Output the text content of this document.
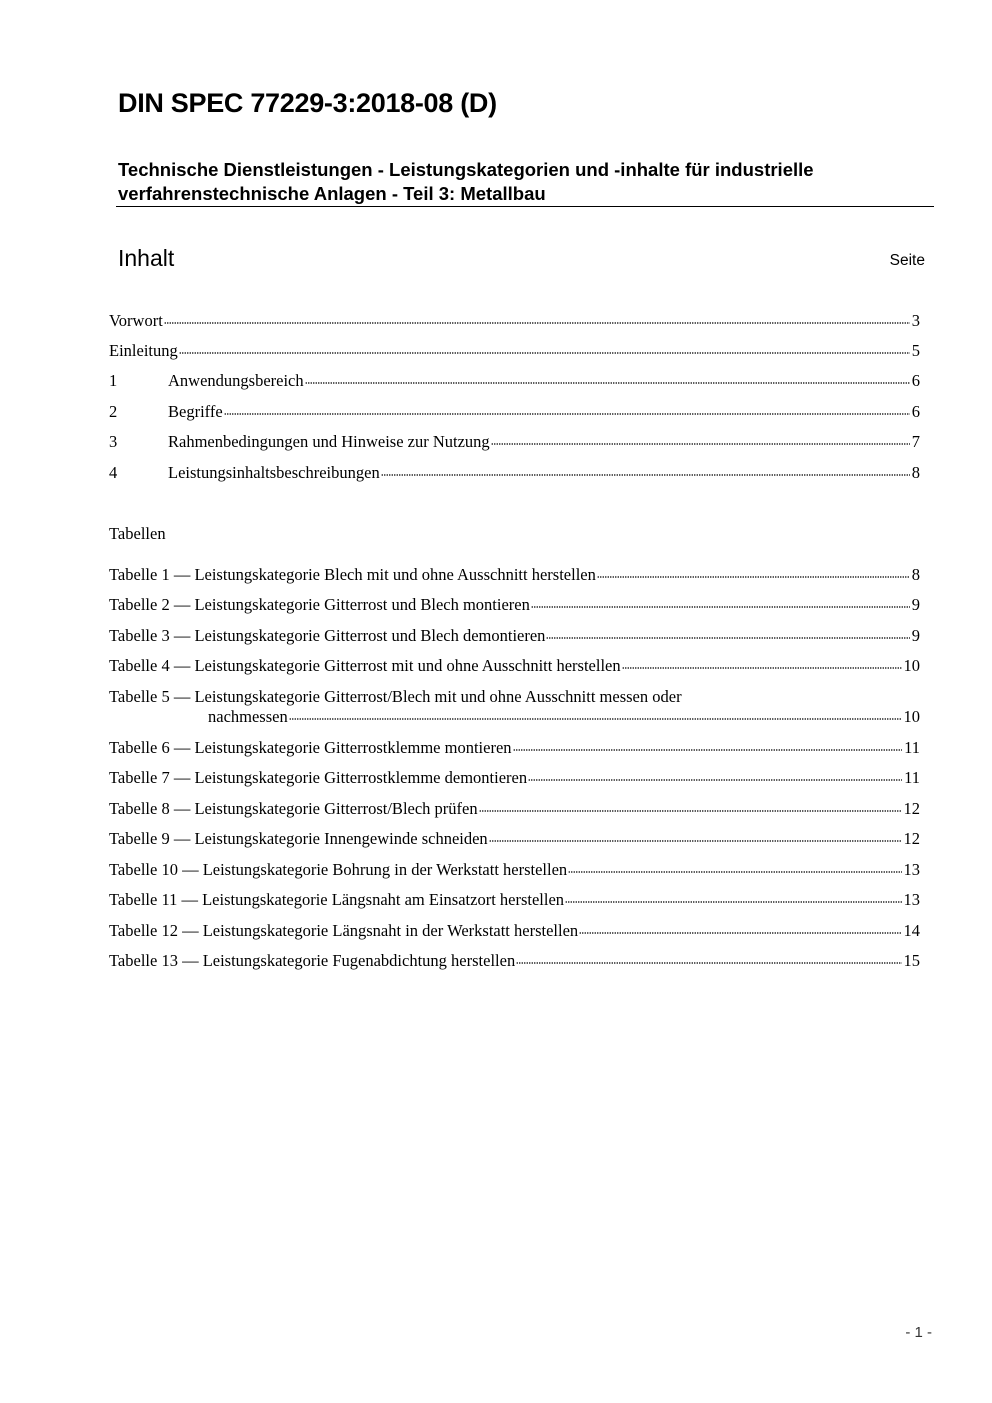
DIN SPEC 77229-3:2018-08 (D)
Technische Dienstleistungen - Leistungskategorien und -inhalte für industrielle
verfahrenstechnische Anlagen - Teil 3: Metallbau
Inhalt	Seite
Vorwort	3
Einleitung	5
1	Anwendungsbereich	6
2	Begriffe	6
3	Rahmenbedingungen und Hinweise zur Nutzung	7
4	Leistungsinhaltsbeschreibungen	8
Tabellen
Tabelle 1 — Leistungskategorie Blech mit und ohne Ausschnitt herstellen	8
Tabelle 2 — Leistungskategorie Gitterrost und Blech montieren	9
Tabelle 3 — Leistungskategorie Gitterrost und Blech demontieren	9
Tabelle 4 — Leistungskategorie Gitterrost mit und ohne Ausschnitt herstellen	10
Tabelle 5 — Leistungskategorie Gitterrost/Blech mit und ohne Ausschnitt messen oder
nachmessen	10
Tabelle 6 — Leistungskategorie Gitterrostklemme montieren	11
Tabelle 7 — Leistungskategorie Gitterrostklemme demontieren	11
Tabelle 8 — Leistungskategorie Gitterrost/Blech prüfen	12
Tabelle 9 — Leistungskategorie Innengewinde schneiden	12
Tabelle 10 — Leistungskategorie Bohrung in der Werkstatt herstellen	13
Tabelle 11 — Leistungskategorie Längsnaht am Einsatzort herstellen	13
Tabelle 12 — Leistungskategorie Längsnaht in der Werkstatt herstellen	14
Tabelle 13 — Leistungskategorie Fugenabdichtung herstellen	15
- 1 -
